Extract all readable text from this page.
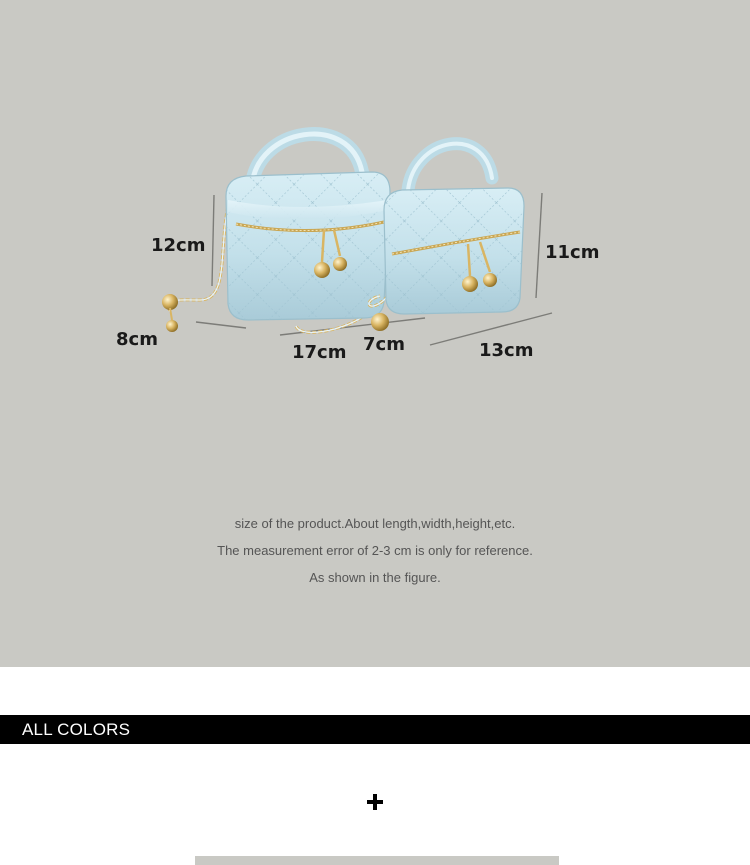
12cm
8cm
17cm 7cm
11cm
13cm
size of the product.About length,width,height,etc.
The measurement error of 2-3 cm is only for reference.
As shown in the figure.
ALL COLORS
